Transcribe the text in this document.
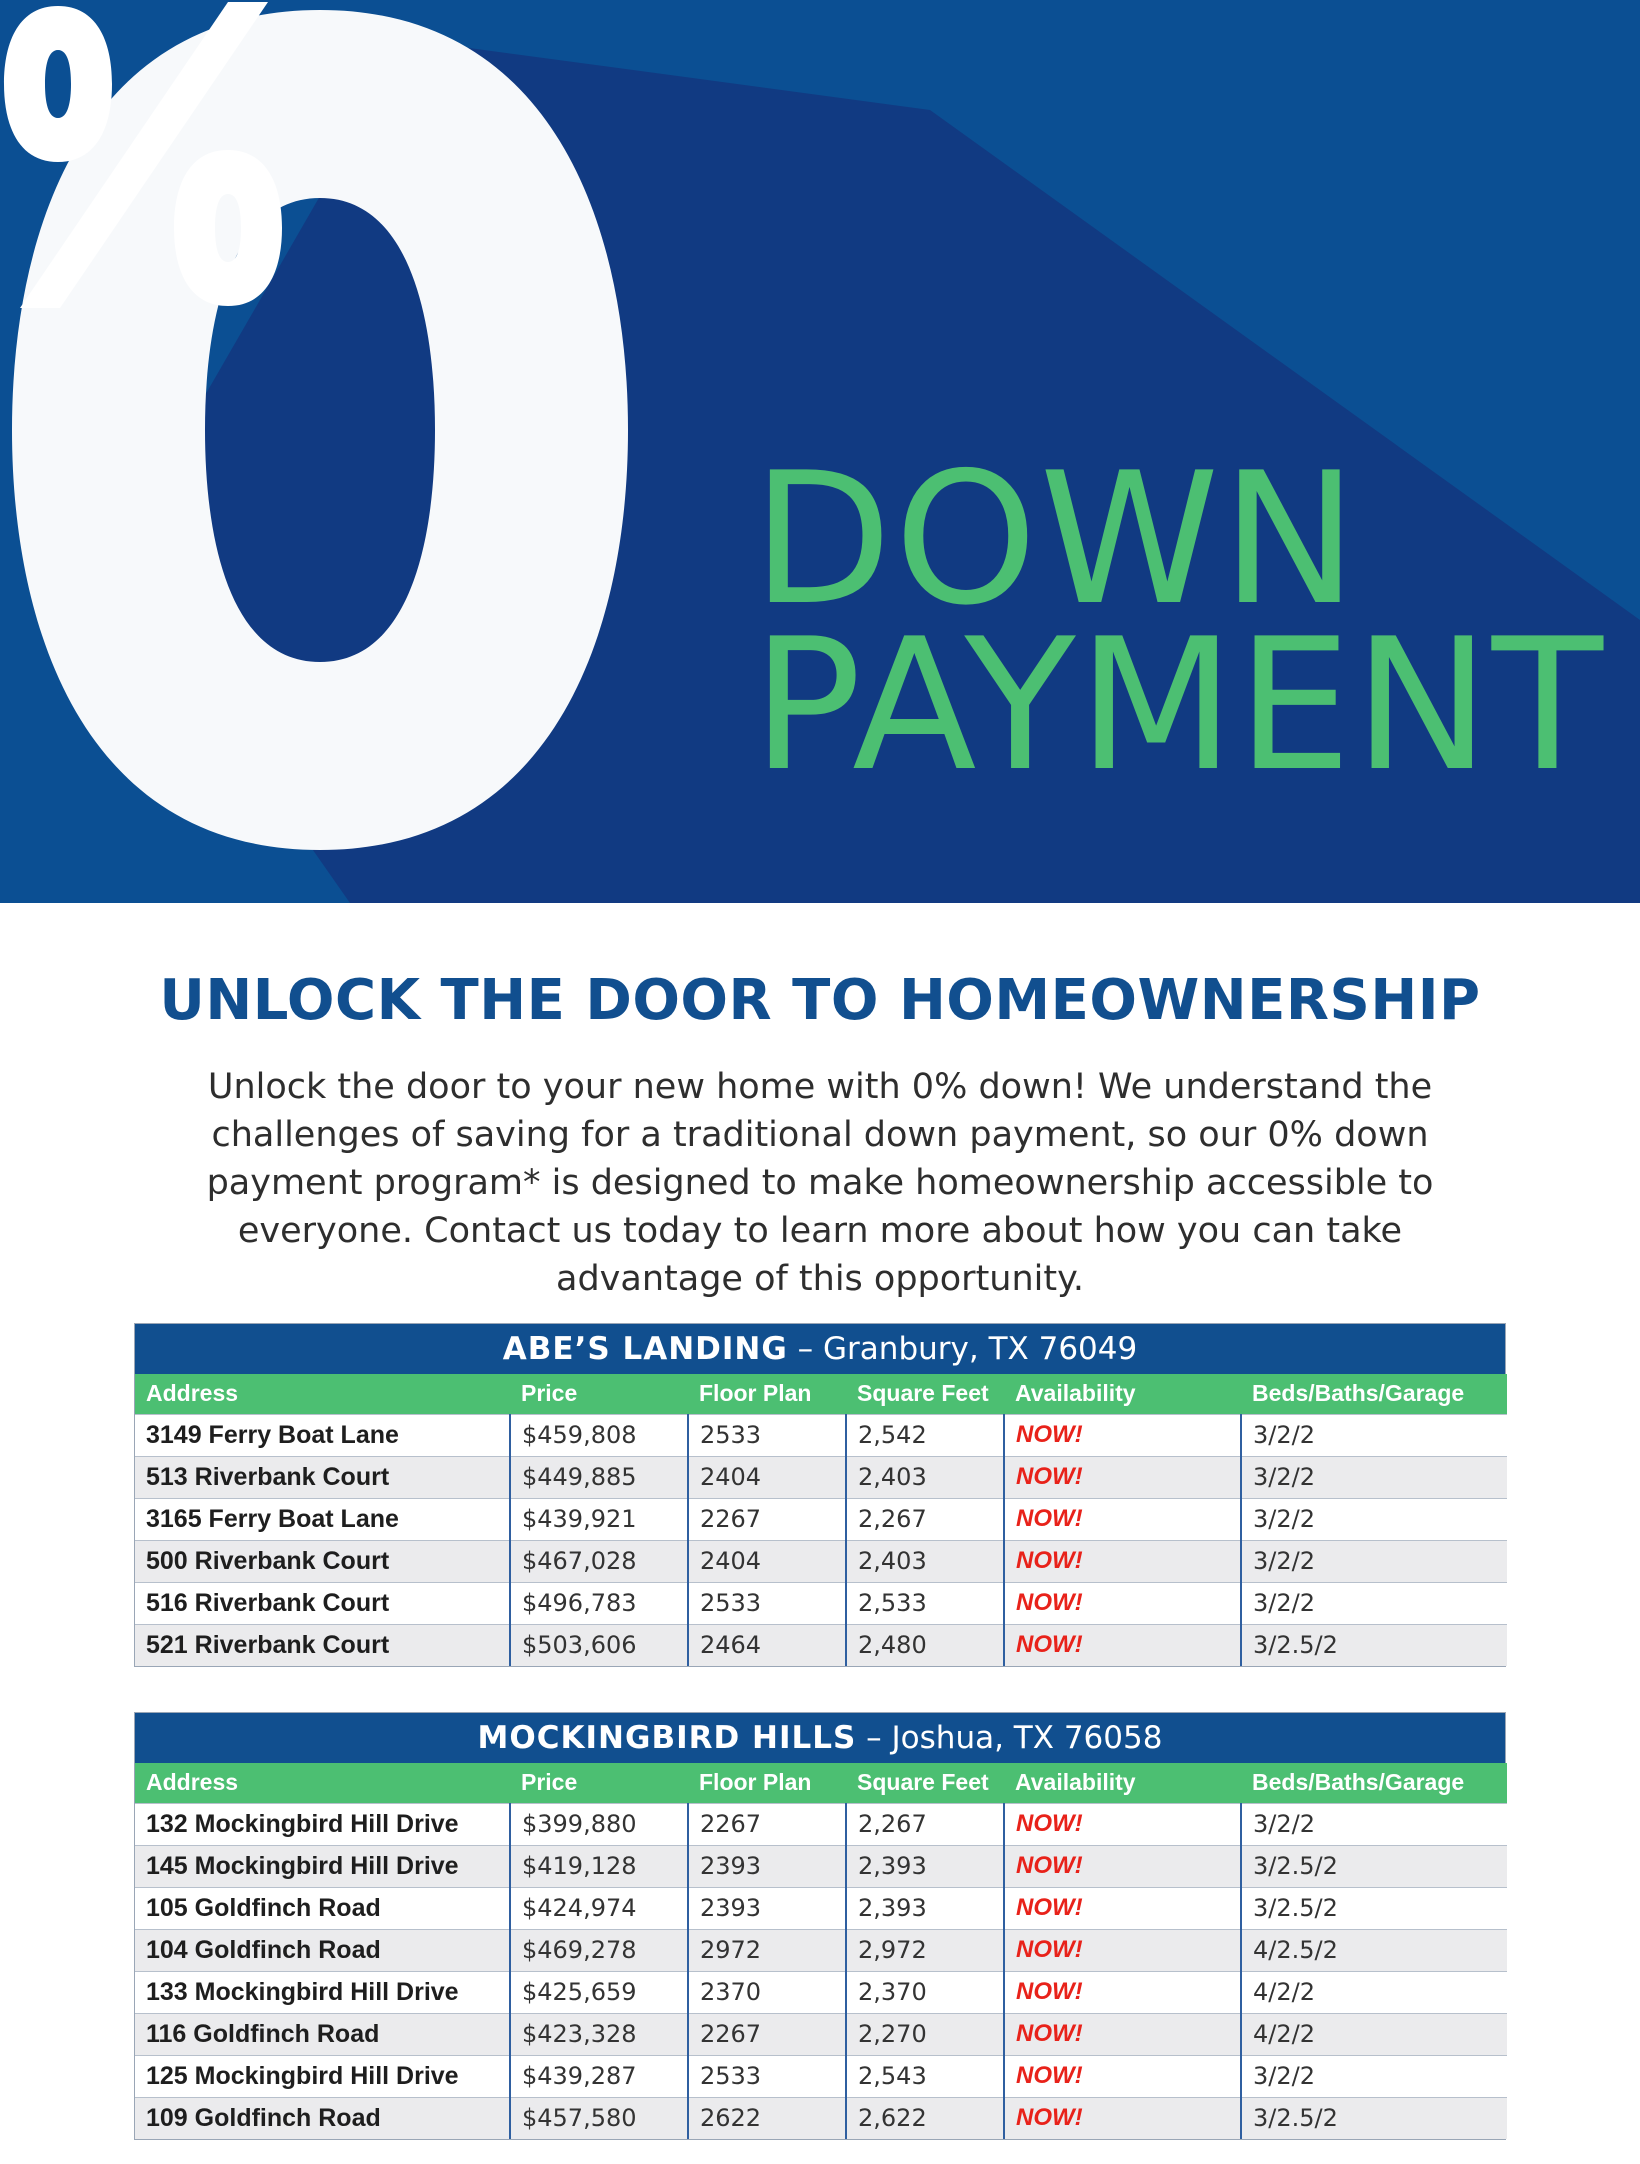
DOWN
PAYMENT
UNLOCK THE DOOR TO HOMEOWNERSHIP

Unlock the door to your new home with 0% down! We understand the challenges of saving for a traditional down payment, so our 0% down payment program* is designed to make homeownership accessible to everyone. Contact us today to learn more about how you can take advantage of this opportunity.

ABE’S LANDING – Granbury, TX 76049
Address	Price	Floor Plan	Square Feet	Availability	Beds/Baths/Garage
3149 Ferry Boat Lane	$459,808	2533	2,542	NOW!	3/2/2
513 Riverbank Court	$449,885	2404	2,403	NOW!	3/2/2
3165 Ferry Boat Lane	$439,921	2267	2,267	NOW!	3/2/2
500 Riverbank Court	$467,028	2404	2,403	NOW!	3/2/2
516 Riverbank Court	$496,783	2533	2,533	NOW!	3/2/2
521 Riverbank Court	$503,606	2464	2,480	NOW!	3/2.5/2
MOCKINGBIRD HILLS – Joshua, TX 76058
Address	Price	Floor Plan	Square Feet	Availability	Beds/Baths/Garage
132 Mockingbird Hill Drive	$399,880	2267	2,267	NOW!	3/2/2
145 Mockingbird Hill Drive	$419,128	2393	2,393	NOW!	3/2.5/2
105 Goldfinch Road	$424,974	2393	2,393	NOW!	3/2.5/2
104 Goldfinch Road	$469,278	2972	2,972	NOW!	4/2.5/2
133 Mockingbird Hill Drive	$425,659	2370	2,370	NOW!	4/2/2
116 Goldfinch Road	$423,328	2267	2,270	NOW!	4/2/2
125 Mockingbird Hill Drive	$439,287	2533	2,543	NOW!	3/2/2
109 Goldfinch Road	$457,580	2622	2,622	NOW!	3/2.5/2
